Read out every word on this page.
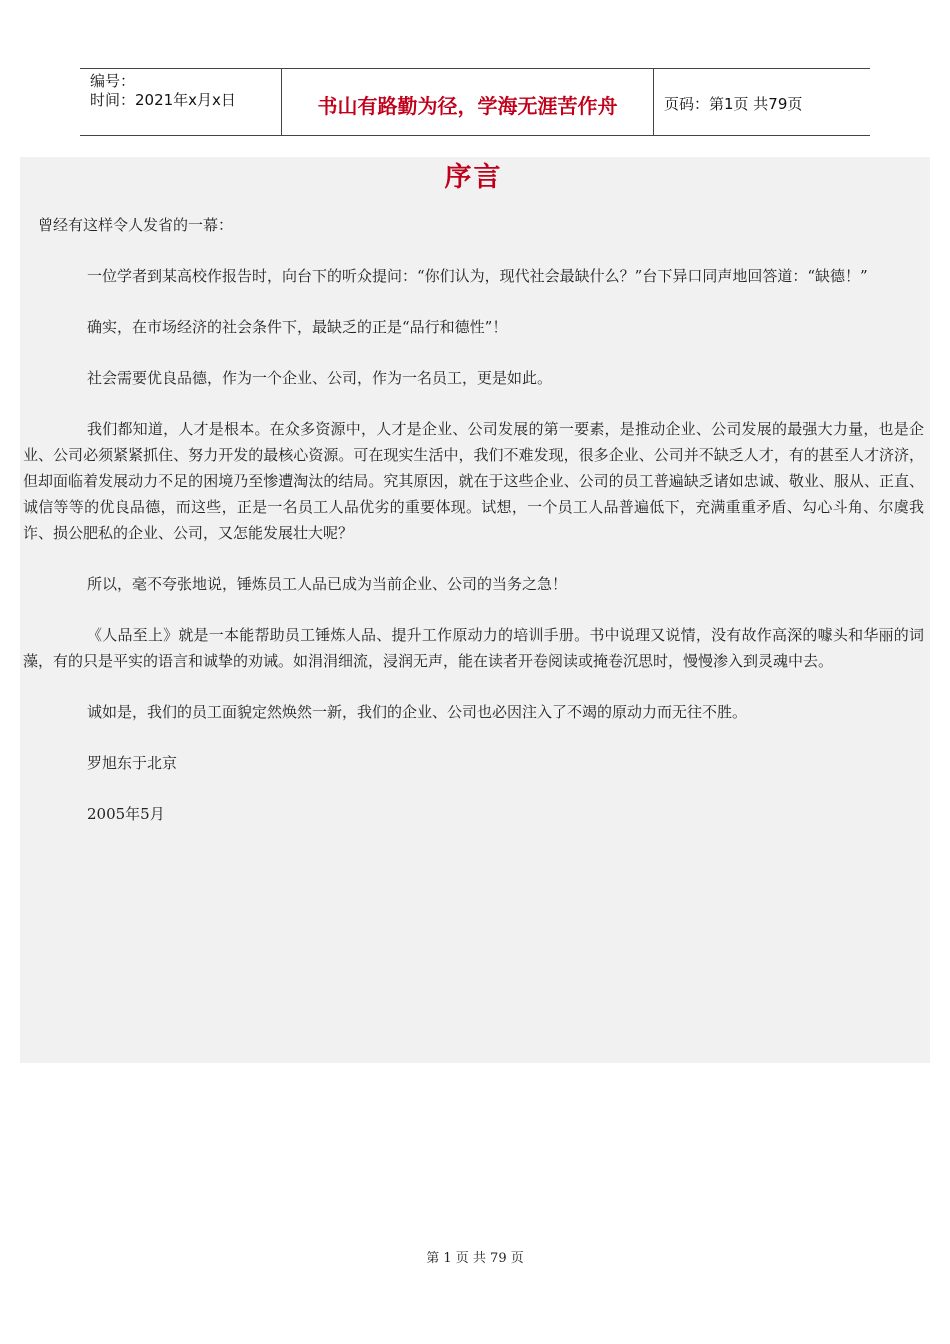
编号：
时间：2021年x月x日	书山有路勤为径，学海无涯苦作舟	页码：第1页 共79页
序言

曾经有这样令人发省的一幕：

一位学者到某高校作报告时，向台下的听众提问：“你们认为，现代社会最缺什么？”台下异口同声地回答道：“缺德！”

确实，在市场经济的社会条件下，最缺乏的正是“品行和德性”！

社会需要优良品德，作为一个企业、公司，作为一名员工，更是如此。

我们都知道，人才是根本。在众多资源中，人才是企业、公司发展的第一要素，是推动企业、公司发展的最强大力量，也是企业、公司必须紧紧抓住、努力开发的最核心资源。可在现实生活中，我们不难发现，很多企业、公司并不缺乏人才，有的甚至人才济济，但却面临着发展动力不足的困境乃至惨遭淘汰的结局。究其原因，就在于这些企业、公司的员工普遍缺乏诸如忠诚、敬业、服从、正直、诚信等等的优良品德，而这些，正是一名员工人品优劣的重要体现。试想，一个员工人品普遍低下，充满重重矛盾、勾心斗角、尔虞我诈、损公肥私的企业、公司，又怎能发展壮大呢？

所以，毫不夸张地说，锤炼员工人品已成为当前企业、公司的当务之急！

《人品至上》就是一本能帮助员工锤炼人品、提升工作原动力的培训手册。书中说理又说情，没有故作高深的噱头和华丽的词藻，有的只是平实的语言和诚挚的劝诫。如涓涓细流，浸润无声，能在读者开卷阅读或掩卷沉思时，慢慢渗入到灵魂中去。

诚如是，我们的员工面貌定然焕然一新，我们的企业、公司也必因注入了不竭的原动力而无往不胜。

罗旭东于北京

2005年5月

第 1 页 共 79 页
